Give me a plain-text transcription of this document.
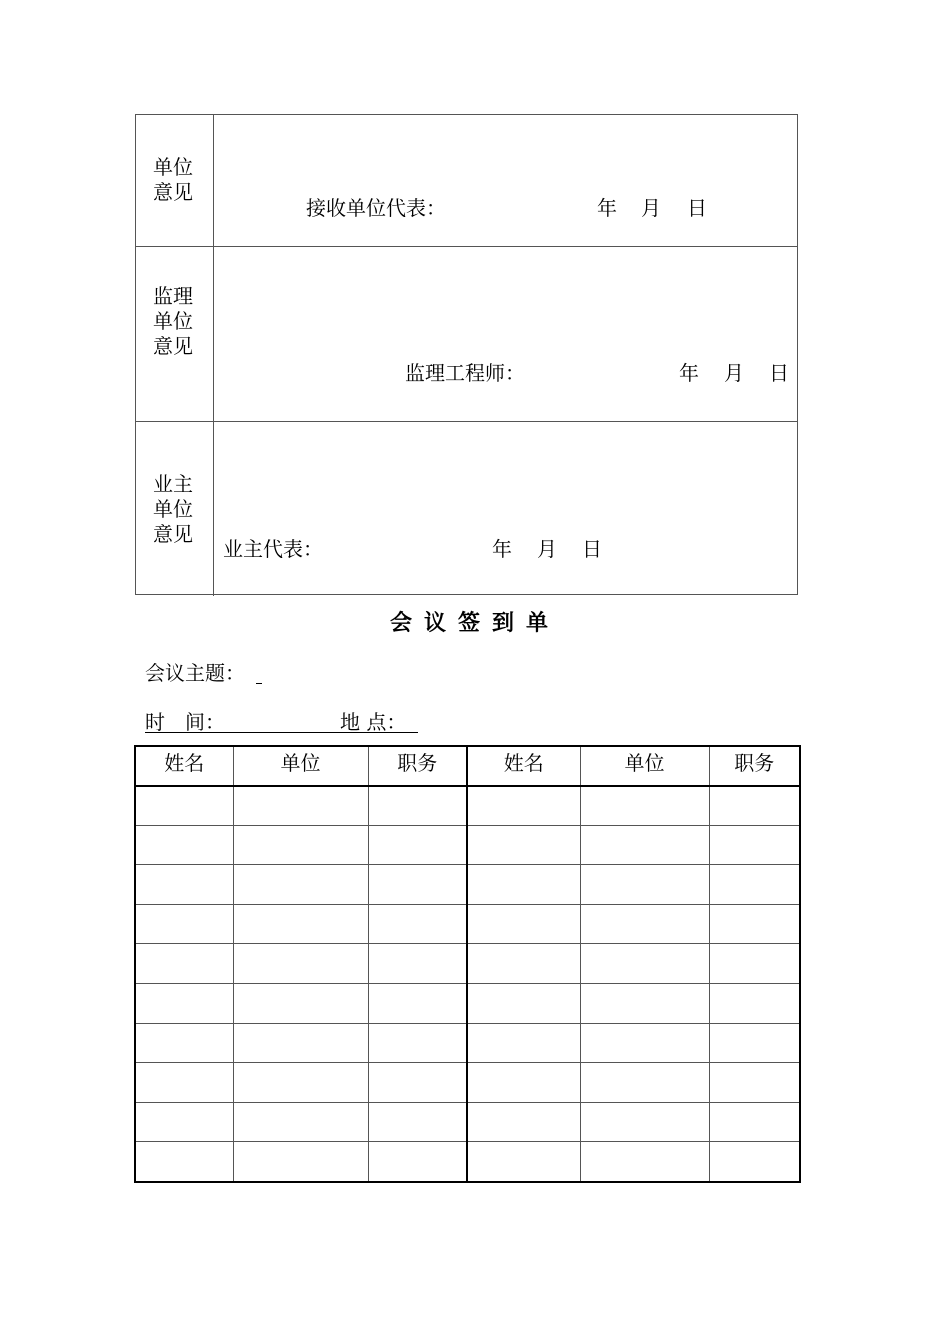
单位
意见
接收单位代表：	年 月 日
监理
单位
意见
监理工程师：	年 月 日
业主
单位
意见
业主代表：	年 月 日
会议签到单
会议主题：
时　间：	地 点：
姓名	单位	职务	姓名	单位	职务
